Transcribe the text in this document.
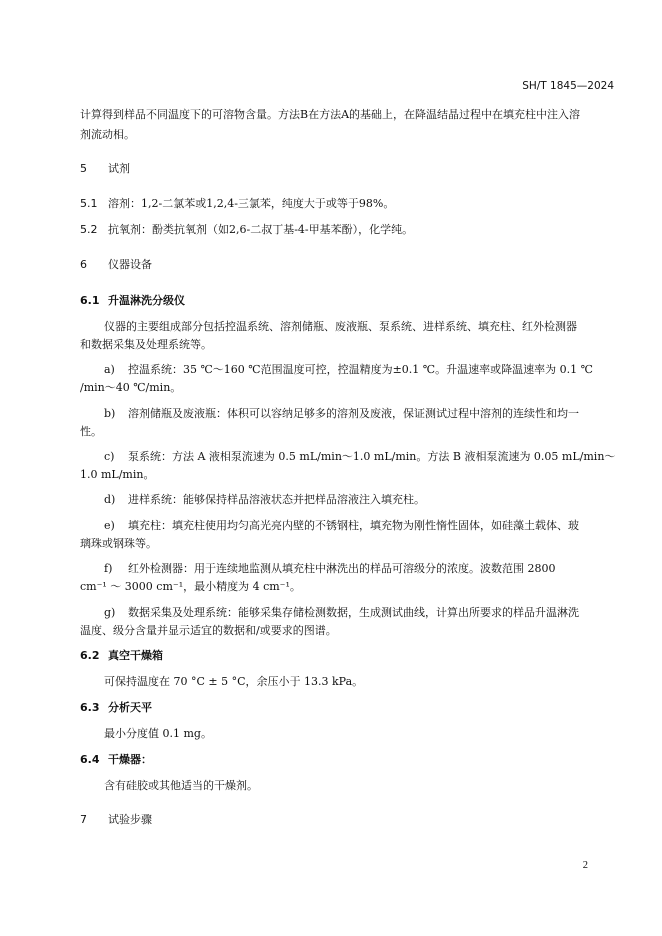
SH/T 1845—2024
计算得到样品不同温度下的可溶物含量。方法B在方法A的基础上，在降温结晶过程中在填充柱中注入溶
剂流动相。
5 试剂
5.1 溶剂：1,2-二氯苯或1,2,4-三氯苯，纯度大于或等于98%。
5.2 抗氧剂：酚类抗氧剂（如2,6-二叔丁基-4-甲基苯酚），化学纯。
6 仪器设备
6.1 升温淋洗分级仪
仪器的主要组成部分包括控温系统、溶剂储瓶、废液瓶、泵系统、进样系统、填充柱、红外检测器
和数据采集及处理系统等。
a) 控温系统：35 ℃～160 ℃范围温度可控，控温精度为±0.1 ℃。升温速率或降温速率为 0.1 ℃
/min～40 ℃/min。
b) 溶剂储瓶及废液瓶：体积可以容纳足够多的溶剂及废液，保证测试过程中溶剂的连续性和均一
性。
c) 泵系统：方法 A 液相泵流速为 0.5 mL/min～1.0 mL/min。方法 B 液相泵流速为 0.05 mL/min～
1.0 mL/min。
d) 进样系统：能够保持样品溶液状态并把样品溶液注入填充柱。
e) 填充柱：填充柱使用均匀高光亮内壁的不锈钢柱，填充物为刚性惰性固体，如硅藻土载体、玻
璃珠或钢珠等。
f) 红外检测器：用于连续地监测从填充柱中淋洗出的样品可溶级分的浓度。波数范围 2800
cm⁻¹ ～ 3000 cm⁻¹，最小精度为 4 cm⁻¹。
g) 数据采集及处理系统：能够采集存储检测数据，生成测试曲线，计算出所要求的样品升温淋洗
温度、级分含量并显示适宜的数据和/或要求的图谱。
6.2 真空干燥箱
可保持温度在 70 °C ± 5 °C，余压小于 13.3 kPa。
6.3 分析天平
最小分度值 0.1 mg。
6.4 干燥器：
含有硅胶或其他适当的干燥剂。
7 试验步骤
2
